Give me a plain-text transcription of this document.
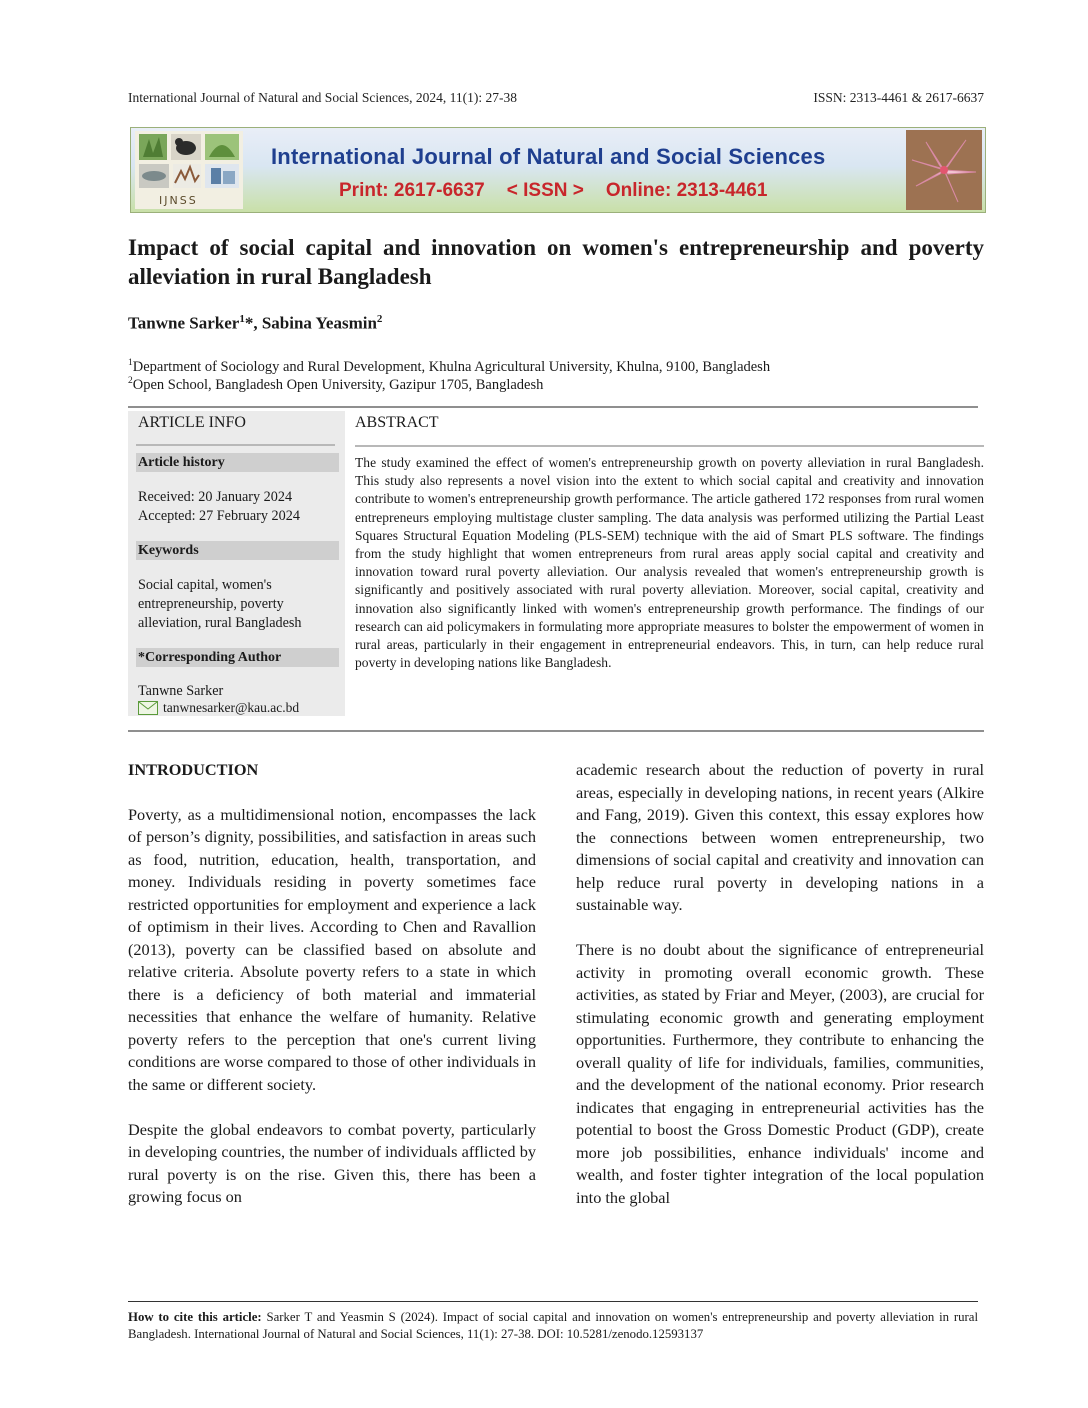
International Journal of Natural and Social Sciences, 2024, 11(1): 27-38	ISSN: 2313-4461 & 2617-6637
IJNSS
International Journal of Natural and Social Sciences
Print: 2617-6637 < ISSN > Online: 2313-4461
Impact of social capital and innovation on women's entrepreneurship and poverty alleviation in rural Bangladesh
Tanwne Sarker$^1$*, Sabina Yeasmin$^2$
$^1$Department of Sociology and Rural Development, Khulna Agricultural University, Khulna, 9100, Bangladesh
$^2$Open School, Bangladesh Open University, Gazipur 1705, Bangladesh
ARTICLE INFO
Article history
Received: 20 January 2024
Accepted: 27 February 2024
Keywords
Social capital, women's entrepreneurship, poverty alleviation, rural Bangladesh
*Corresponding Author
Tanwne Sarker
tanwnesarker@kau.ac.bd
ABSTRACT
The study examined the effect of women's entrepreneurship growth on poverty alleviation in rural Bangladesh. This study also represents a novel vision into the extent to which social capital and creativity and innovation contribute to women's entrepreneurship growth performance. The article gathered 172 responses from rural women entrepreneurs employing multistage cluster sampling. The data analysis was performed utilizing the Partial Least Squares Structural Equation Modeling (PLS-SEM) technique with the aid of Smart PLS software. The findings from the study highlight that women entrepreneurs from rural areas apply social capital and creativity and innovation toward rural poverty alleviation. Our analysis revealed that women's entrepreneurship growth is significantly and positively associated with rural poverty alleviation. Moreover, social capital, creativity and innovation also significantly linked with women's entrepreneurship growth performance. The findings of our research can aid policymakers in formulating more appropriate measures to bolster the empowerment of women in rural areas, particularly in their engagement in entrepreneurial endeavors. This, in turn, can help reduce rural poverty in developing nations like Bangladesh.

INTRODUCTION

Poverty, as a multidimensional notion, encompasses the lack of person’s dignity, possibilities, and satisfaction in areas such as food, nutrition, education, health, transportation, and money. Individuals residing in poverty sometimes face restricted opportunities for employment and experience a lack of optimism in their lives. According to Chen and Ravallion (2013), poverty can be classified based on absolute and relative criteria. Absolute poverty refers to a state in which there is a deficiency of both material and immaterial necessities that enhance the welfare of humanity. Relative poverty refers to the perception that one's current living conditions are worse compared to those of other individuals in the same or different society.

Despite the global endeavors to combat poverty, particularly in developing countries, the number of individuals afflicted by rural poverty is on the rise. Given this, there has been a growing focus on

academic research about the reduction of poverty in rural areas, especially in developing nations, in recent years (Alkire and Fang, 2019). Given this context, this essay explores how the connections between women entrepreneurship, two dimensions of social capital and creativity and innovation can help reduce rural poverty in developing nations in a sustainable way.

There is no doubt about the significance of entrepreneurial activity in promoting overall economic growth. These activities, as stated by Friar and Meyer, (2003), are crucial for stimulating economic growth and generating employment opportunities. Furthermore, they contribute to enhancing the overall quality of life for individuals, families, communities, and the development of the national economy. Prior research indicates that engaging in entrepreneurial activities has the potential to boost the Gross Domestic Product (GDP), create more job possibilities, enhance individuals' income and wealth, and foster tighter integration of the local population into the global

How to cite this article: Sarker T and Yeasmin S (2024). Impact of social capital and innovation on women's entrepreneurship and poverty alleviation in rural Bangladesh. International Journal of Natural and Social Sciences, 11(1): 27-38. DOI: 10.5281/zenodo.12593137
